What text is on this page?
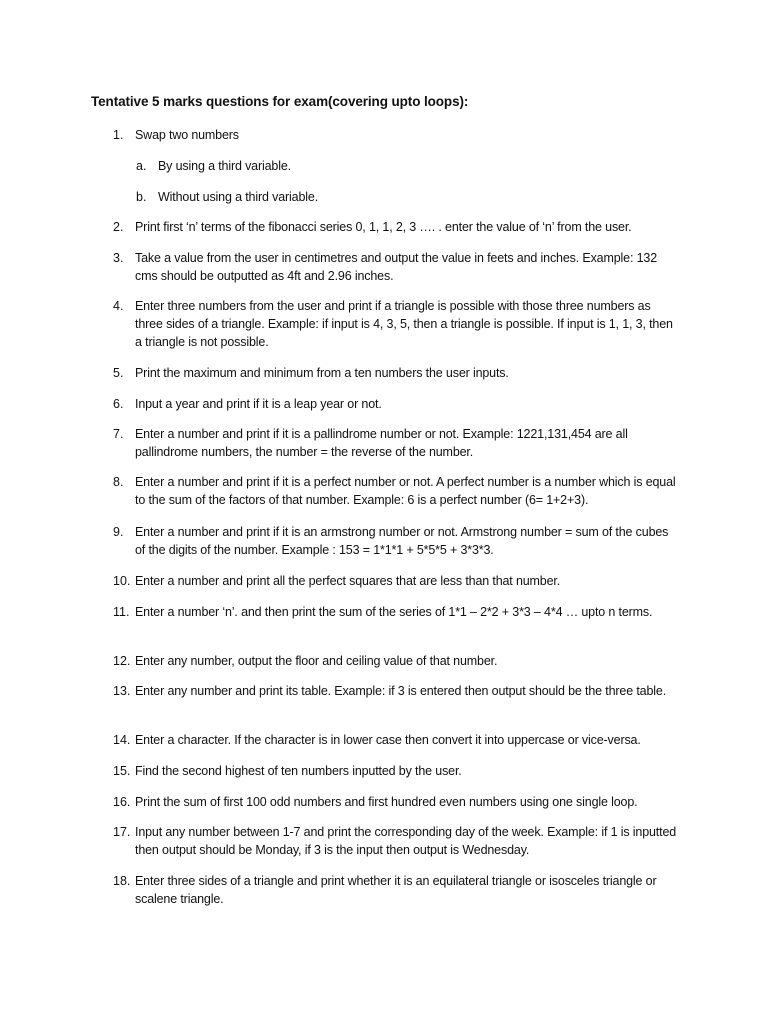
Tentative 5 marks questions for exam(covering upto loops):
1. Swap two numbers
a. By using a third variable.
b. Without using a third variable.
2. Print first ‘n’ terms of the fibonacci series 0, 1, 1, 2, 3 …. . enter the value of ‘n’ from the user.
3. Take a value from the user in centimetres and output the value in feets and inches. Example: 132 cms should be outputted as 4ft and 2.96 inches.
4. Enter three numbers from the user and print if a triangle is possible with those three numbers as three sides of a triangle. Example: if input is 4, 3, 5, then a triangle is possible. If input is 1, 1, 3, then a triangle is not possible.
5. Print the maximum and minimum from a ten numbers the user inputs.
6. Input a year and print if it is a leap year or not.
7. Enter a number and print if it is a pallindrome number or not. Example: 1221,131,454 are all pallindrome numbers, the number = the reverse of the number.
8. Enter a number and print if it is a perfect number or not. A perfect number is a number which is equal to the sum of the factors of that number. Example: 6 is a perfect number (6= 1+2+3).
9. Enter a number and print if it is an armstrong number or not. Armstrong number = sum of the cubes of the digits of the number. Example : 153 = 1*1*1 + 5*5*5 + 3*3*3.
10. Enter a number and print all the perfect squares that are less than that number.
11. Enter a number ‘n’. and then print the sum of the series of 1*1 – 2*2 + 3*3 – 4*4 … upto n terms.
12. Enter any number, output the floor and ceiling value of that number.
13. Enter any number and print its table. Example: if 3 is entered then output should be the three table.
14. Enter a character. If the character is in lower case then convert it into uppercase or vice-versa.
15. Find the second highest of ten numbers inputted by the user.
16. Print the sum of first 100 odd numbers and first hundred even numbers using one single loop.
17. Input any number between 1-7 and print the corresponding day of the week. Example: if 1 is inputted then output should be Monday, if 3 is the input then output is Wednesday.
18. Enter three sides of a triangle and print whether it is an equilateral triangle or isosceles triangle or scalene triangle.
